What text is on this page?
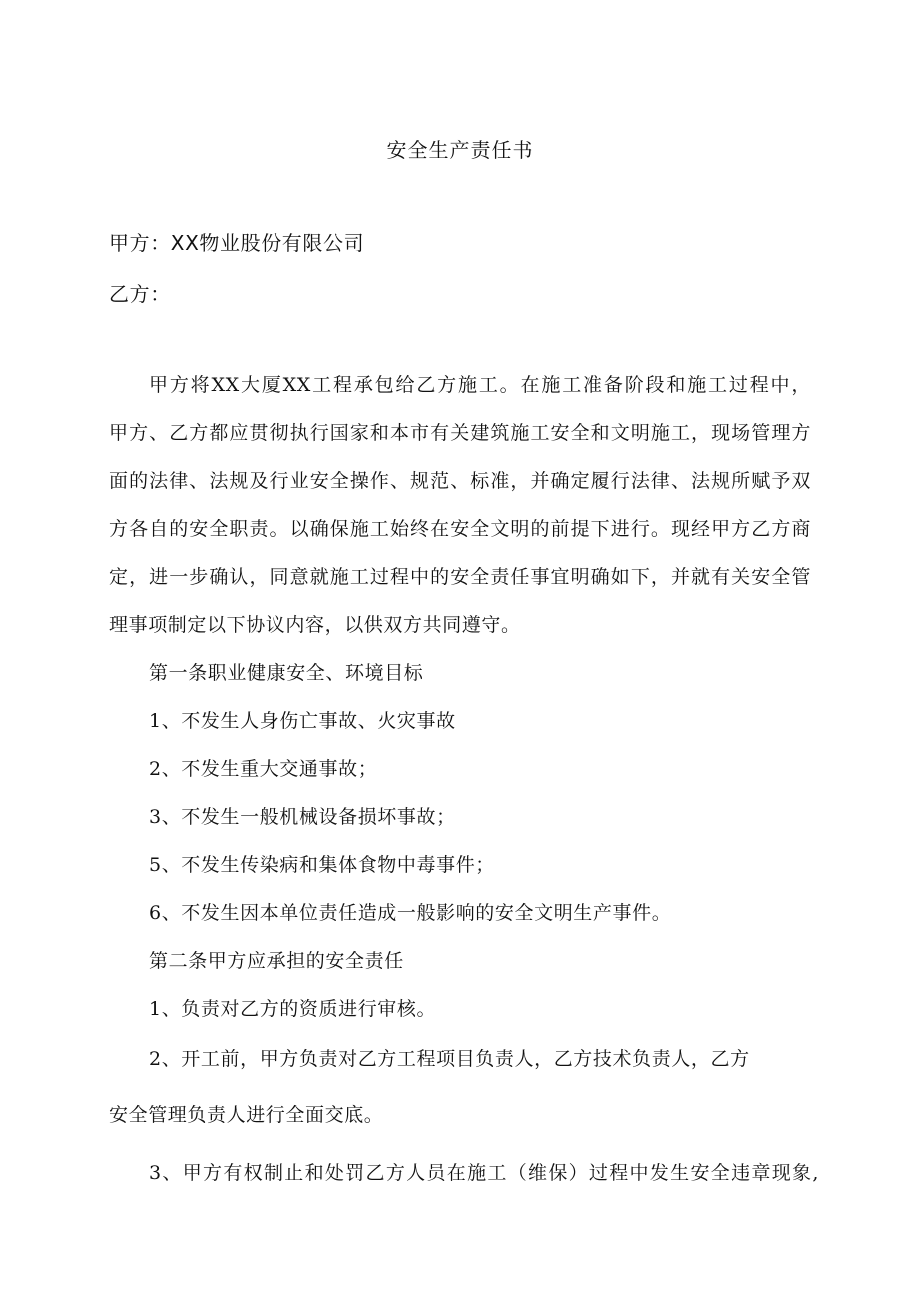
安全生产责任书
甲方：XX物业股份有限公司
乙方：
甲方将XX大厦XX工程承包给乙方施工。在施工准备阶段和施工过程中，
甲方、乙方都应贯彻执行国家和本市有关建筑施工安全和文明施工，现场管理方
面的法律、法规及行业安全操作、规范、标准，并确定履行法律、法规所赋予双
方各自的安全职责。以确保施工始终在安全文明的前提下进行。现经甲方乙方商
定，进一步确认，同意就施工过程中的安全责任事宜明确如下，并就有关安全管
理事项制定以下协议内容，以供双方共同遵守。
第一条职业健康安全、环境目标
1、不发生人身伤亡事故、火灾事故
2、不发生重大交通事故；
3、不发生一般机械设备损坏事故；
5、不发生传染病和集体食物中毒事件；
6、不发生因本单位责任造成一般影响的安全文明生产事件。
第二条甲方应承担的安全责任
1、负责对乙方的资质进行审核。
2、开工前，甲方负责对乙方工程项目负责人，乙方技术负责人，乙方
安全管理负责人进行全面交底。
3、甲方有权制止和处罚乙方人员在施工（维保）过程中发生安全违章现象,
